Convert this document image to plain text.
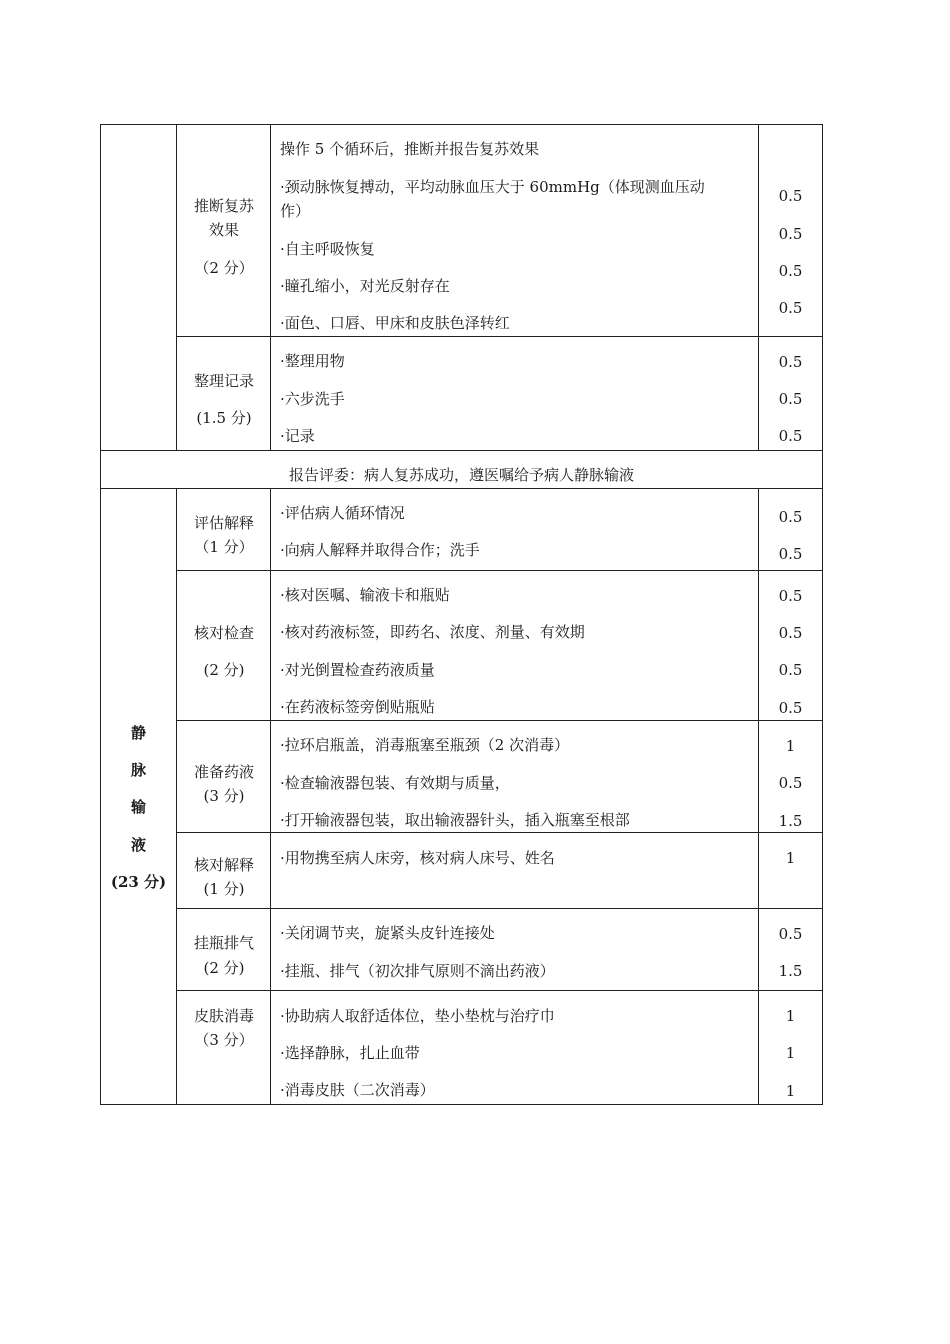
推断复苏
效果
（2 分）
操作 5 个循环后，推断并报告复苏效果
·颈动脉恢复搏动，平均动脉血压大于 60mmHg（体现测血压动
作）
·自主呼吸恢复
·瞳孔缩小，对光反射存在
·面色、口唇、甲床和皮肤色泽转红
0.5
0.5
0.5
0.5
整理记录
(1.5 分)
·整理用物
·六步洗手
·记录
0.5
0.5
0.5
报告评委：病人复苏成功，遵医嘱给予病人静脉输液
静
脉
输
液
(23 分)
评估解释
（1 分）
·评估病人循环情况
·向病人解释并取得合作；洗手
0.5
0.5
核对检查
(2 分)
·核对医嘱、输液卡和瓶贴
·核对药液标签，即药名、浓度、剂量、有效期
·对光倒置检查药液质量
·在药液标签旁倒贴瓶贴
0.5
0.5
0.5
0.5
准备药液
(3 分)
·拉环启瓶盖，消毒瓶塞至瓶颈（2 次消毒）
·检查输液器包装、有效期与质量，
·打开输液器包装，取出输液器针头，插入瓶塞至根部
1
0.5
1.5
核对解释
(1 分)
·用物携至病人床旁，核对病人床号、姓名	1
挂瓶排气
(2 分)
·关闭调节夹，旋紧头皮针连接处
·挂瓶、排气（初次排气原则不滴出药液）
0.5
1.5
皮肤消毒
（3 分）
·协助病人取舒适体位，垫小垫枕与治疗巾
·选择静脉，扎止血带
·消毒皮肤（二次消毒）
1
1
1
